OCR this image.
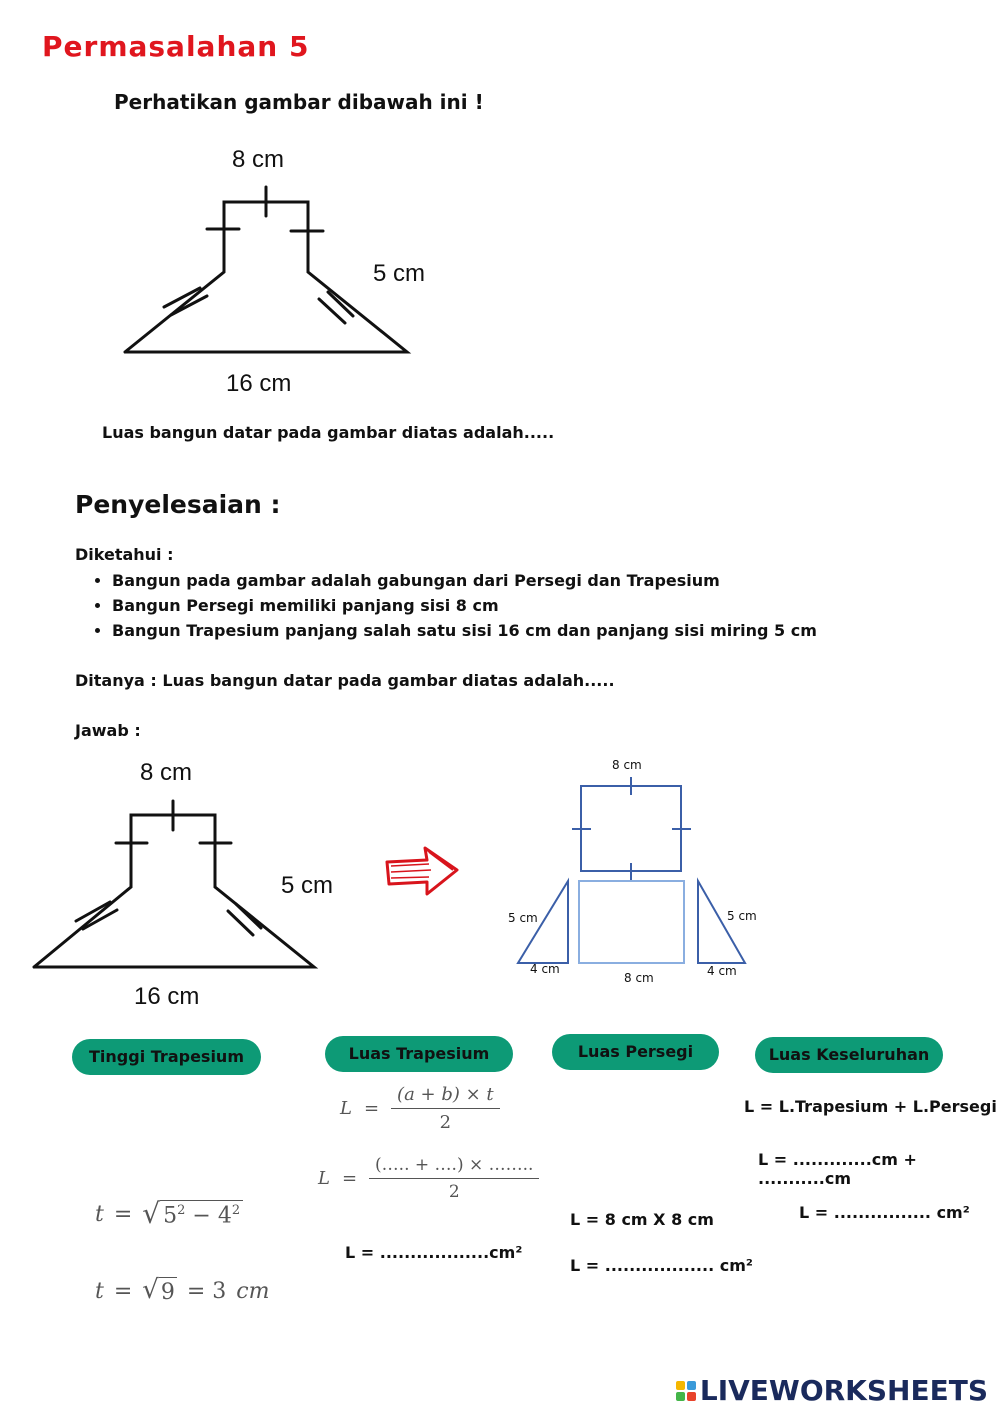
Permasalahan 5
Perhatikan gambar dibawah ini !
8 cm
5 cm
16 cm
Luas bangun datar pada gambar diatas adalah.....
Penyelesaian :
Diketahui :
• Bangun pada gambar adalah gabungan dari Persegi dan Trapesium
• Bangun Persegi memiliki panjang sisi 8 cm
• Bangun Trapesium panjang salah satu sisi 16 cm dan panjang sisi miring 5 cm
Ditanya : Luas bangun datar pada gambar diatas adalah.....
Jawab :
8 cm
5 cm
16 cm
8 cm
5 cm
4 cm
8 cm
5 cm
4 cm
Tinggi Trapesium	Luas Trapesium	Luas Persegi	Luas Keseluruhan
t = √ $5^2 - 4^2$
t = √ 9 = 3 cm
$L = \frac{(a + b) \times t}{2}$
$L = \frac{(\dots.. + \dots.) \times \dots\dots..}{2}$
L = ..................cm²
L = 8 cm X 8 cm
L = .................. cm²
L = L.Trapesium + L.Persegi
L = .............cm + ...........cm
L = ................ cm²
LIVEWORKSHEETS
